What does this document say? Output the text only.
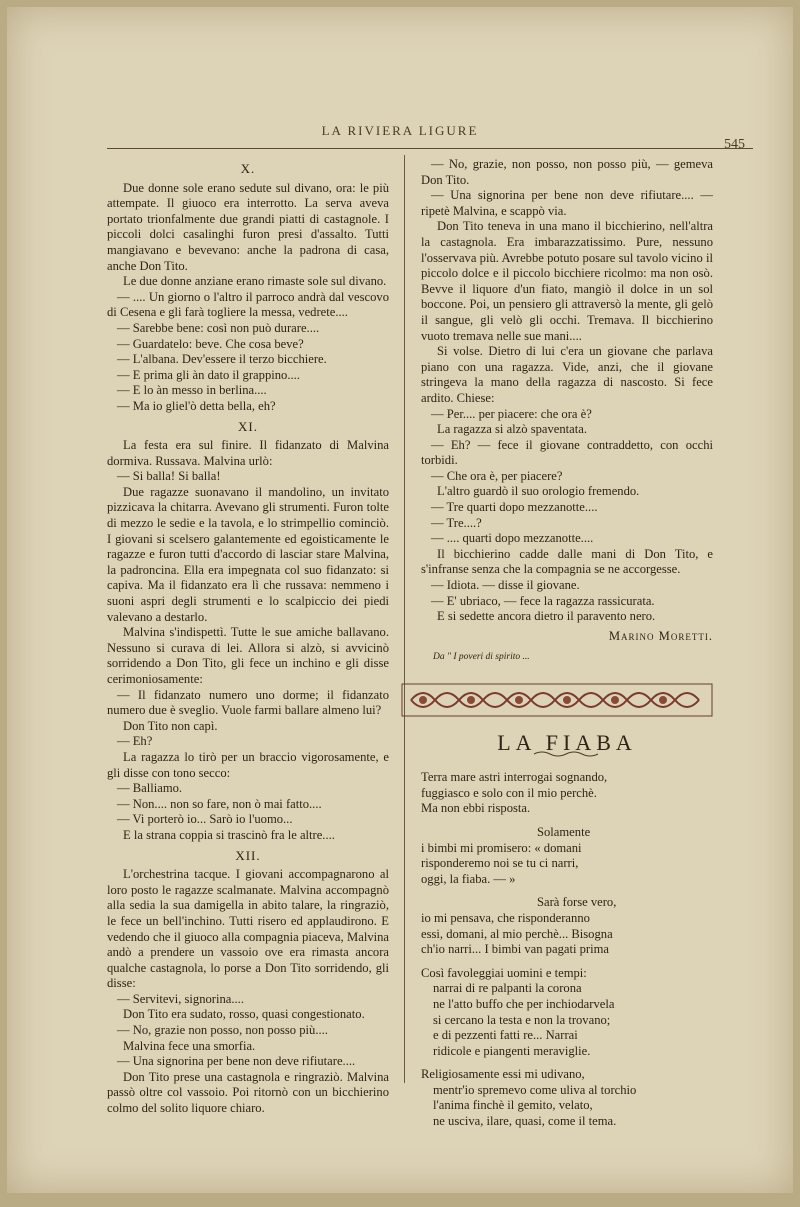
LA RIVIERA LIGURE
545
X.

Due donne sole erano sedute sul divano, ora: le più attempate. Il giuoco era interrotto. La serva aveva portato trionfalmente due grandi piatti di castagnole. I piccoli dolci casalinghi furon presi d'assalto. Tutti mangiavano e bevevano: anche la padrona di casa, anche Don Tito.

Le due donne anziane erano rimaste sole sul divano.

— .... Un giorno o l'altro il parroco andrà dal vescovo di Cesena e gli farà togliere la messa, vedrete....

— Sarebbe bene: così non può durare....

— Guardatelo: beve. Che cosa beve?

— L'albana. Dev'essere il terzo bicchiere.

— E prima gli àn dato il grappino....

— E lo àn messo in berlina....

— Ma io gliel'ò detta bella, eh?

XI.

La festa era sul finire. Il fidanzato di Malvina dormiva. Russava. Malvina urlò:

— Si balla! Si balla!

Due ragazze suonavano il mandolino, un invitato pizzicava la chitarra. Avevano gli strumenti. Furon tolte di mezzo le sedie e la tavola, e lo strimpellio cominciò. I giovani si scelsero galantemente ed egoisticamente le ragazze e furon tutti d'accordo di lasciar stare Malvina, la padroncina. Ella era impegnata col suo fidanzato: si capiva. Ma il fidanzato era lì che russava: nemmeno i suoni aspri degli strumenti e lo scalpiccio dei piedi valevano a destarlo.

Malvina s'indispettì. Tutte le sue amiche ballavano. Nessuno si curava di lei. Allora si alzò, si avvicinò sorridendo a Don Tito, gli fece un inchino e gli disse cerimoniosamente:

— Il fidanzato numero uno dorme; il fidanzato numero due è sveglio. Vuole farmi ballare almeno lui?

Don Tito non capì.

— Eh?

La ragazza lo tirò per un braccio vigorosamente, e gli disse con tono secco:

— Balliamo.

— Non.... non so fare, non ò mai fatto....

— Vi porterò io... Sarò io l'uomo...

E la strana coppia si trascinò fra le altre....

XII.

L'orchestrina tacque. I giovani accompagnarono al loro posto le ragazze scalmanate. Malvina accompagnò alla sedia la sua damigella in abito talare, la ringraziò, le fece un bell'inchino. Tutti risero ed applaudirono. E vedendo che il giuoco alla compagnia piaceva, Malvina andò a prendere un vassoio ove era rimasta ancora qualche castagnola, lo porse a Don Tito sorridendo, gli disse:

— Servitevi, signorina....

Don Tito era sudato, rosso, quasi congestionato.

— No, grazie non posso, non posso più....

Malvina fece una smorfia.

— Una signorina per bene non deve rifiutare....

Don Tito prese una castagnola e ringraziò. Malvina passò oltre col vassoio. Poi ritornò con un bicchierino colmo del solito liquore chiaro.

— No, grazie, non posso, non posso più, — gemeva Don Tito.

— Una signorina per bene non deve rifiutare.... — ripetè Malvina, e scappò via.

Don Tito teneva in una mano il bicchierino, nell'altra la castagnola. Era imbarazzatissimo. Pure, nessuno l'osservava più. Avrebbe potuto posare sul tavolo vicino il piccolo dolce e il piccolo bicchiere ricolmo: ma non osò. Bevve il liquore d'un fiato, mangiò il dolce in un sol boccone. Poi, un pensiero gli attraversò la mente, gli gelò il sangue, gli velò gli occhi. Tremava. Il bicchierino vuoto tremava nelle sue mani....

Si volse. Dietro di lui c'era un giovane che parlava piano con una ragazza. Vide, anzi, che il giovane stringeva la mano della ragazza di nascosto. Si fece ardito. Chiese:

— Per.... per piacere: che ora è?

La ragazza si alzò spaventata.

— Eh? — fece il giovane contraddetto, con occhi torbidi.

— Che ora è, per piacere?

L'altro guardò il suo orologio fremendo.

— Tre quarti dopo mezzanotte....

— Tre....?

— .... quarti dopo mezzanotte....

Il bicchierino cadde dalle mani di Don Tito, e s'infranse senza che la compagnia se ne accorgesse.

— Idiota. — disse il giovane.

— E' ubriaco, — fece la ragazza rassicurata.

E si sedette ancora dietro il paravento nero.

Marino Moretti.
Da " I poveri di spirito ...
LA FIABA
Terra mare astri interrogai sognando,
fuggiasco e solo con il mio perchè.
Ma non ebbi risposta.
Solamente
i bimbi mi promisero: « domani
risponderemo noi se tu ci narri,
oggi, la fiaba. — »
Sarà forse vero,
io mi pensava, che risponderanno
essi, domani, al mio perchè... Bisogna
ch'io narri... I bimbi van pagati prima
Così favoleggiai uomini e tempi:
narrai di re palpanti la corona
ne l'atto buffo che per inchiodarvela
si cercano la testa e non la trovano;
e di pezzenti fatti re... Narrai
ridicole e piangenti meraviglie.
Religiosamente essi mi udivano,
mentr'io spremevo come uliva al torchio
l'anima finchè il gemito, velato,
ne usciva, ilare, quasi, come il tema.
